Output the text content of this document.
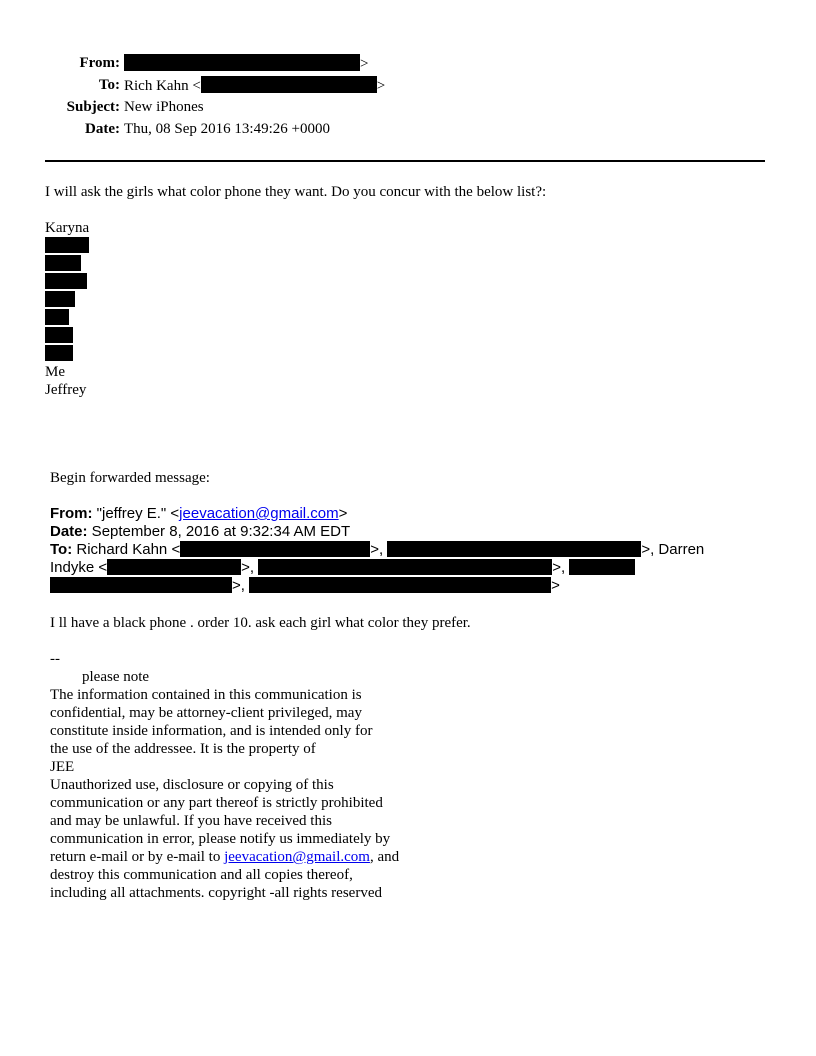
From:	>
To: Rich Kahn <	>
Subject: New iPhones
Date: Thu, 08 Sep 2016 13:49:26 +0000
I will ask the girls what color phone they want. Do you concur with the below list?:
Karyna
Me
Jeffrey
Begin forwarded message:
From: "jeffrey E." <jeevacation@gmail.com>
Date: September 8, 2016 at 9:32:34 AM EDT
To: Richard Kahn <	>,	>, Darren
Indyke <	>,	>,
>,	>
I ll have a black phone . order 10. ask each girl what color they prefer.
--
please note
The information contained in this communication is
confidential, may be attorney-client privileged, may
constitute inside information, and is intended only for
the use of the addressee. It is the property of
JEE
Unauthorized use, disclosure or copying of this
communication or any part thereof is strictly prohibited
and may be unlawful. If you have received this
communication in error, please notify us immediately by
return e-mail or by e-mail to jeevacation@gmail.com, and
destroy this communication and all copies thereof,
including all attachments. copyright -all rights reserved
